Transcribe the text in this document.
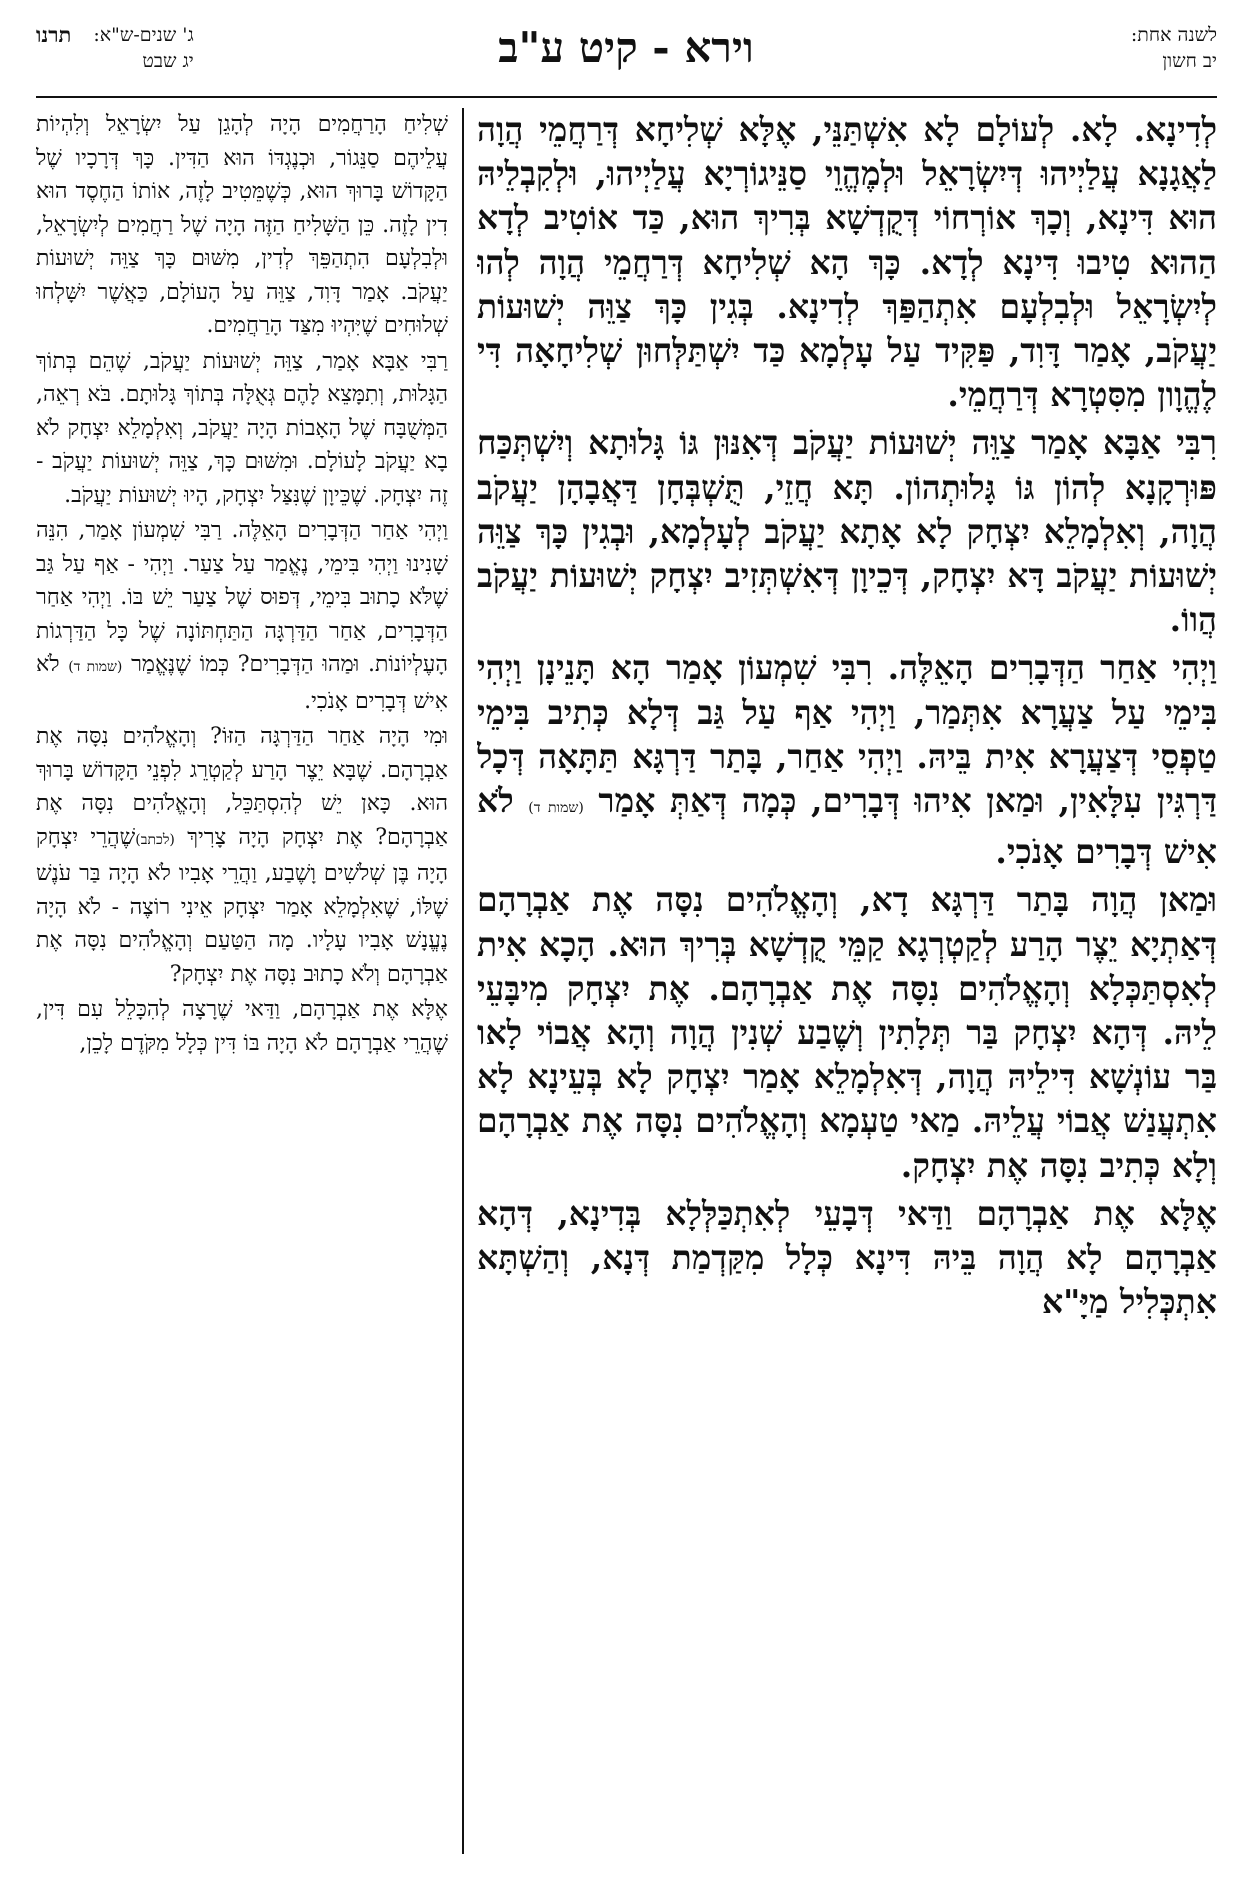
לשנה אחת:
יב חשון
וירא - קיט ע"ב
ג' שנים-ש"א:
יג שבט
תרנו

לְדִינָא. לָא. לְעוֹלָם לָא אִשְׁתַּנֵּי, אֶלָּא שְׁלִיחָא דְּרַחֲמֵי הֲוָה לַאֲגָנָא עֲלַיְיהוּ דְּיִשְׂרָאֵל וּלְמֶהֱוֵי סַנֵּיגוֹרְיָא עֲלַיְיהוּ, וּלְקִבְלֵיהּ הוּא דִּינָא, וְכָךְ אוֹרְחוֹי דְּקֻדְשָׁא בְּרִיךְ הוּא, כַּד אוֹטִיב לְדָא הַהוּא טִיבוּ דִּינָא לְדָא. כָּךְ הָא שְׁלִיחָא דְּרַחֲמֵי הֲוָה לְהוּ לְיִשְׂרָאֵל וּלְבִלְעָם אִתְהַפַּךְ לְדִינָא. בְּגִין כָּךְ צַוֵּה יְשׁוּעוֹת יַעֲקֹב, אָמַר דָּוִד, פַּקִּיד עַל עָלְמָא כַּד יִשְׁתַּלְּחוּן שְׁלִיחָאָה דִּי לֶהֱוָון מִסִּטְרָא דְּרַחֲמֵי.

רִבִּי אַבָּא אָמַר צַוֵּה יְשׁוּעוֹת יַעֲקֹב דְּאִנּוּן גּוֹ גָּלוּתָא וְיִשְׁתְּכַּח פּוּרְקָנָא לְהוֹן גּוֹ גָּלוּתְהוֹן. תָּא חֲזֵי, תֻּשְׁבְּחָן דַּאֲבָהָן יַעֲקֹב הֲוָה, וְאִלְמָלֵא יִצְחָק לָא אָתָא יַעֲקֹב לְעָלְמָא, וּבְגִין כָּךְ צַוֵּה יְשׁוּעוֹת יַעֲקֹב דָּא יִצְחָק, דְּכֵיוָן דְּאִשְׁתְּזִיב יִצְחָק יְשׁוּעוֹת יַעֲקֹב הֲווֹ.

וַיְהִי אַחַר הַדְּבָרִים הָאֵלֶּה. רִבִּי שִׁמְעוֹן אָמַר הָא תָּנֵינָן וַיְהִי בִּימֵי עַל צַעֲרָא אִתְּמַר, וַיְהִי אַף עַל גַּב דְּלָא כְּתִיב בִּימֵי טַפְסֵי דְּצַעֲרָא אִית בֵּיהּ. וַיְהִי אַחַר, בָּתַר דַּרְגָּא תַּתָּאָה דְּכָל דַּרְגִּין עִלָּאִין, וּמַאן אִיהוּ דְּבָרִים, כְּמָה דְּאַתְּ אָמַר (שמות ד) לֹא אִישׁ דְּבָרִים אָנֹכִי.

וּמַאן הֲוָה בָּתַר דַּרְגָּא דָא, וְהָאֱלֹהִים נִסָּה אֶת אַבְרָהָם דְּאַתְיָא יֵצֶר הָרַע לְקַטְרְגָא קַמֵּי קֻדְשָׁא בְּרִיךְ הוּא. הָכָא אִית לְאִסְתַּכְּלָא וְהָאֱלֹהִים נִסָּה אֶת אַבְרָהָם. אֶת יִצְחָק מִיבָּעֵי לֵיהּ. דְּהָא יִצְחָק בַּר תְּלָתִין וְשֶׁבַע שְׁנִין הֲוָה וְהָא אֲבוֹי לָאו בַּר עוֹנְשָׁא דִּילֵיהּ הֲוָה, דְּאִלְמָלֵא אָמַר יִצְחָק לָא בְּעֵינָא לָא אִתְעֲנַשׁ אֲבוֹי עֲלֵיהּ. מַאי טַעְמָא וְהָאֱלֹהִים נִסָּה אֶת אַבְרָהָם וְלָא כְּתִיב נִסָּה אֶת יִצְחָק.

אֶלָּא אֶת אַבְרָהָם וַדַּאי דְּבָעֵי לְאִתְכַּלְּלָא בְּדִינָא, דְּהָא אַבְרָהָם לָא הֲוָה בֵּיהּ דִּינָא כְּלָל מִקַּדְמַת דְּנָא, וְהַשְׁתָּא אִתְכְּלִיל מַיָּ"א

שְׁלִיחַ הָרַחֲמִים הָיָה לְהָגֵן עַל יִשְׂרָאֵל וְלִהְיוֹת עֲלֵיהֶם סַנֵּגוֹר, וּכְנֶגְדּוֹ הוּא הַדִּין. כָּךְ דְּרָכָיו שֶׁל הַקָּדוֹשׁ בָּרוּךְ הוּא, כְּשֶׁמֵּטִיב לָזֶה, אוֹתוֹ הַחֶסֶד הוּא דִין לָזֶה. כֵּן הַשָּׁלִיחַ הַזֶּה הָיָה שֶׁל רַחֲמִים לְיִשְׂרָאֵל, וּלְבִלְעָם הִתְהַפֵּךְ לְדִין, מִשּׁוּם כָּךְ צַוֵּה יְשׁוּעוֹת יַעֲקֹב. אָמַר דָּוִד, צַוֵּה עַל הָעוֹלָם, כַּאֲשֶׁר יִשָּׁלְחוּ שְׁלוּחִים שֶׁיִּהְיוּ מִצַּד הָרַחֲמִים.

רַבִּי אַבָּא אָמַר, צַוֵּה יְשׁוּעוֹת יַעֲקֹב, שֶׁהֵם בְּתוֹךְ הַגָּלוּת, וְתִמָּצֵא לָהֶם גְּאֻלָּה בְּתוֹךְ גָּלוּתָם. בֹּא רְאֵה, הַמְּשֻׁבָּח שֶׁל הָאָבוֹת הָיָה יַעֲקֹב, וְאִלְמָלֵא יִצְחָק לֹא בָא יַעֲקֹב לָעוֹלָם. וּמִשּׁוּם כָּךְ, צַוֵּה יְשׁוּעוֹת יַעֲקֹב - זֶה יִצְחָק. שֶׁכֵּיוָן שֶׁנִּצַּל יִצְחָק, הָיוּ יְשׁוּעוֹת יַעֲקֹב.

וַיְהִי אַחַר הַדְּבָרִים הָאֵלֶּה. רַבִּי שִׁמְעוֹן אָמַר, הִנֵּה שָׁנִינוּ וַיְהִי בִּימֵי, נֶאֱמַר עַל צַעַר. וַיְהִי - אַף עַל גַּב שֶׁלֹּא כָתוּב בִּימֵי, דְּפוּס שֶׁל צַעַר יֵשׁ בּוֹ. וַיְהִי אַחַר הַדְּבָרִים, אַחַר הַדַּרְגָּה הַתַּחְתּוֹנָה שֶׁל כָּל הַדַּרְגוֹת הָעֶלְיוֹנוֹת. וּמַהוּ הַדְּבָרִים? כְּמוֹ שֶׁנֶּאֱמַר (שמות ד) לֹא אִישׁ דְּבָרִים אָנֹכִי.

וּמִי הָיָה אַחַר הַדַּרְגָּה הַזּוֹ? וְהָאֱלֹהִים נִסָּה אֶת אַבְרָהָם. שֶׁבָּא יֵצֶר הָרַע לְקַטְרֵג לִפְנֵי הַקָּדוֹשׁ בָּרוּךְ הוּא. כָּאן יֵשׁ לְהִסְתַּכֵּל, וְהָאֱלֹהִים נִסָּה אֶת אַבְרָהָם? אֶת יִצְחָק הָיָה צָרִיךְ (לכתב)שֶׁהֲרֵי יִצְחָק הָיָה בֶּן שְׁלֹשִׁים וָשֶׁבַע, וַהֲרֵי אָבִיו לֹא הָיָה בַּר עֹנֶשׁ שֶׁלּוֹ, שֶׁאִלְמָלֵא אָמַר יִצְחָק אֵינִי רוֹצֶה - לֹא הָיָה נֶעֱנָשׁ אָבִיו עָלָיו. מָה הַטַּעַם וְהָאֱלֹהִים נִסָּה אֶת אַבְרָהָם וְלֹא כָתוּב נִסָּה אֶת יִצְחָק?

אֶלָּא אֶת אַבְרָהָם, וַדַּאי שֶׁרָצָה לְהִכָּלֵל עִם דִּין, שֶׁהֲרֵי אַבְרָהָם לֹא הָיָה בּוֹ דִּין כְּלָל מִקֹּדֶם לָכֵן,
